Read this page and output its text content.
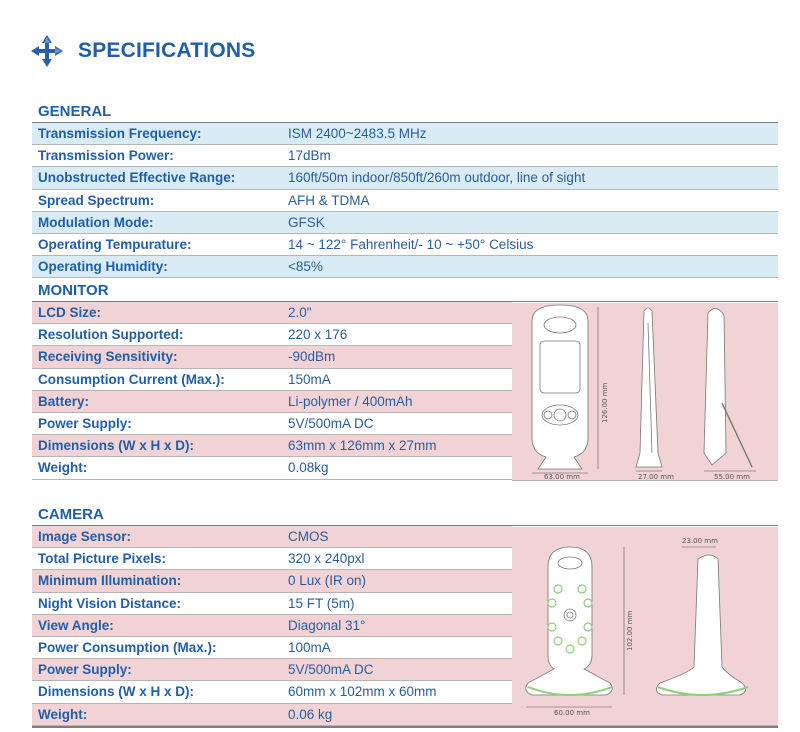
SPECIFICATIONS
GENERAL
Transmission Frequency:	ISM 2400~2483.5 MHz
Transmission Power:	17dBm
Unobstructed Effective Range:	160ft/50m indoor/850ft/260m outdoor, line of sight
Spread Spectrum:	AFH & TDMA
Modulation Mode:	GFSK
Operating Tempurature:	14 ~ 122° Fahrenheit/- 10 ~ +50° Celsius
Operating Humidity:	<85%
MONITOR
LCD Size:	2.0"
Resolution Supported:	220 x 176
Receiving Sensitivity:	-90dBm
Consumption Current (Max.):	150mA
Battery:	Li-polymer / 400mAh
Power Supply:	5V/500mA DC
Dimensions (W x H x D):	63mm x 126mm x 27mm
Weight:	0.08kg
63.00 mm
126.00 mm
27.00 mm	55.00 mm
CAMERA
Image Sensor:	CMOS
Total Picture Pixels:	320 x 240pxl
Minimum Illumination:	0 Lux (IR on)
Night Vision Distance:	15 FT (5m)
View Angle:	Diagonal 31°
Power Consumption (Max.):	100mA
Power Supply:	5V/500mA DC
Dimensions (W x H x D):	60mm x 102mm x 60mm
Weight:	0.06 kg	60.00 mm
102.00 mm
23.00 mm
